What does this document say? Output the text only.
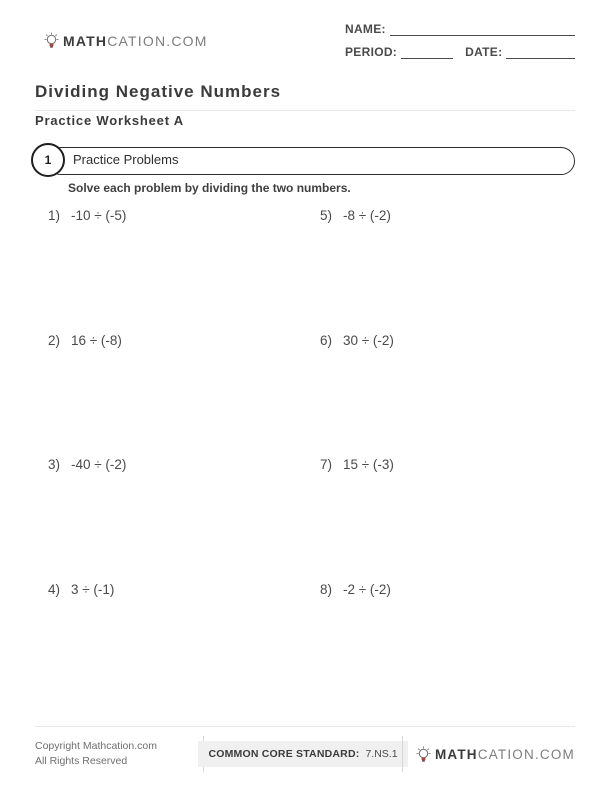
MATHCATION.COM
NAME:
PERIOD:	DATE:
Dividing Negative Numbers
Practice Worksheet A
1	Practice Problems
Solve each problem by dividing the two numbers.
1) -10 ÷ (-5)
2) 16 ÷ (-8)
3) -40 ÷ (-2)
4) 3 ÷ (-1)
5) -8 ÷ (-2)
6) 30 ÷ (-2)
7) 15 ÷ (-3)
8) -2 ÷ (-2)
Copyright Mathcation.com
All Rights Reserved
COMMON CORE STANDARD: 7.NS.1	MATHCATION.COM
